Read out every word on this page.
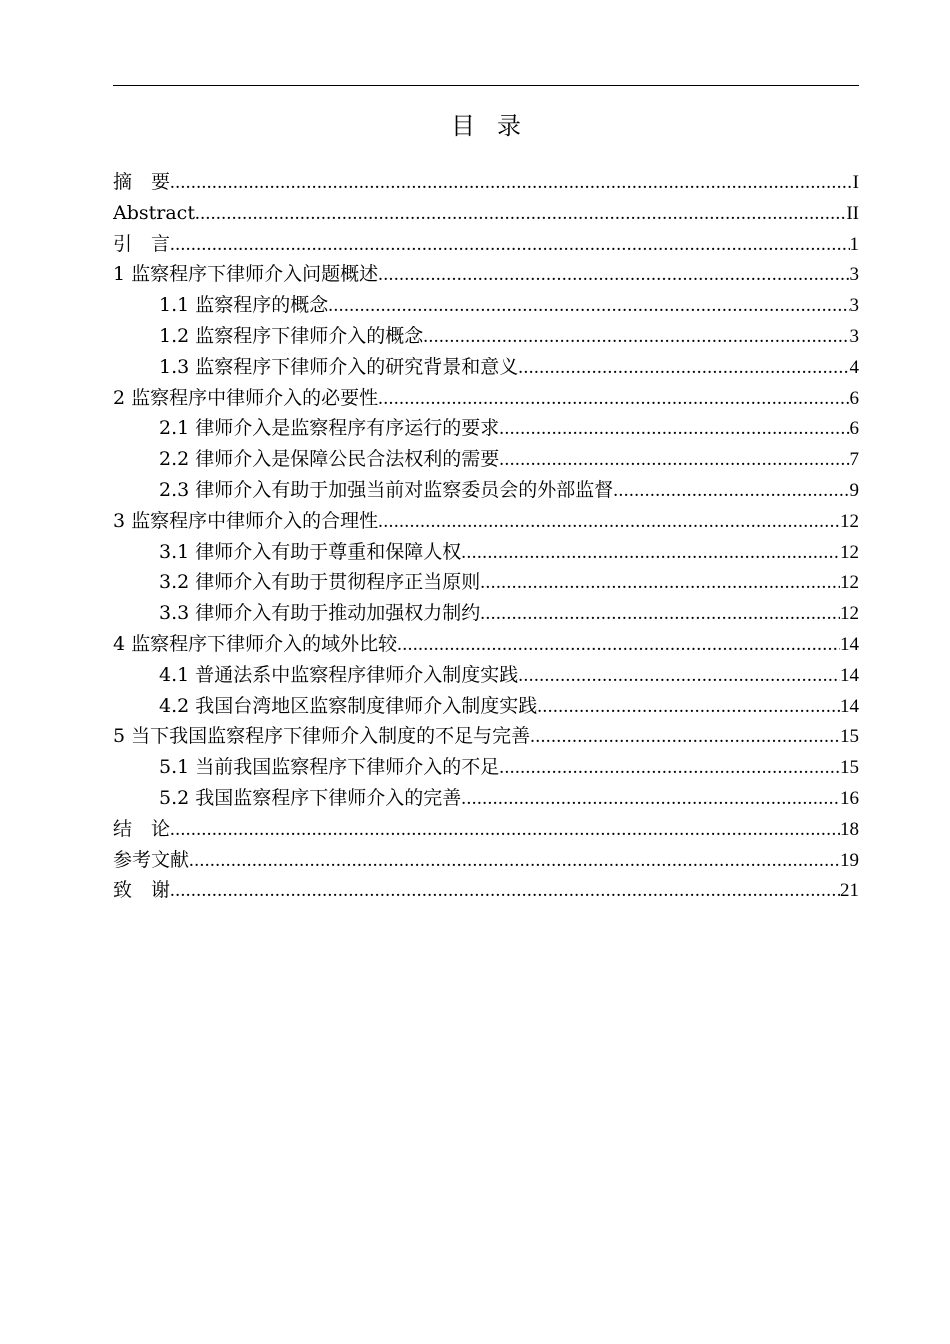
目录
摘要 .....	I
Abstract .....	II
引言 .....	1
1 监察程序下律师介入问题概述 .....	3
1.1 监察程序的概念 .....	3
1.2 监察程序下律师介入的概念 .....	3
1.3 监察程序下律师介入的研究背景和意义 .....	4
2 监察程序中律师介入的必要性 .....	6
2.1 律师介入是监察程序有序运行的要求 .....	6
2.2 律师介入是保障公民合法权利的需要 .....	7
2.3 律师介入有助于加强当前对监察委员会的外部监督 .....	9
3 监察程序中律师介入的合理性 .....	12
3.1 律师介入有助于尊重和保障人权 .....	12
3.2 律师介入有助于贯彻程序正当原则 .....	12
3.3 律师介入有助于推动加强权力制约 .....	12
4 监察程序下律师介入的域外比较 .....	14
4.1 普通法系中监察程序律师介入制度实践 .....	14
4.2 我国台湾地区监察制度律师介入制度实践 .....	14
5 当下我国监察程序下律师介入制度的不足与完善 .....	15
5.1 当前我国监察程序下律师介入的不足 .....	15
5.2 我国监察程序下律师介入的完善 .....	16
结论 .....	18
参考文献 .....	19
致谢 .....	21
